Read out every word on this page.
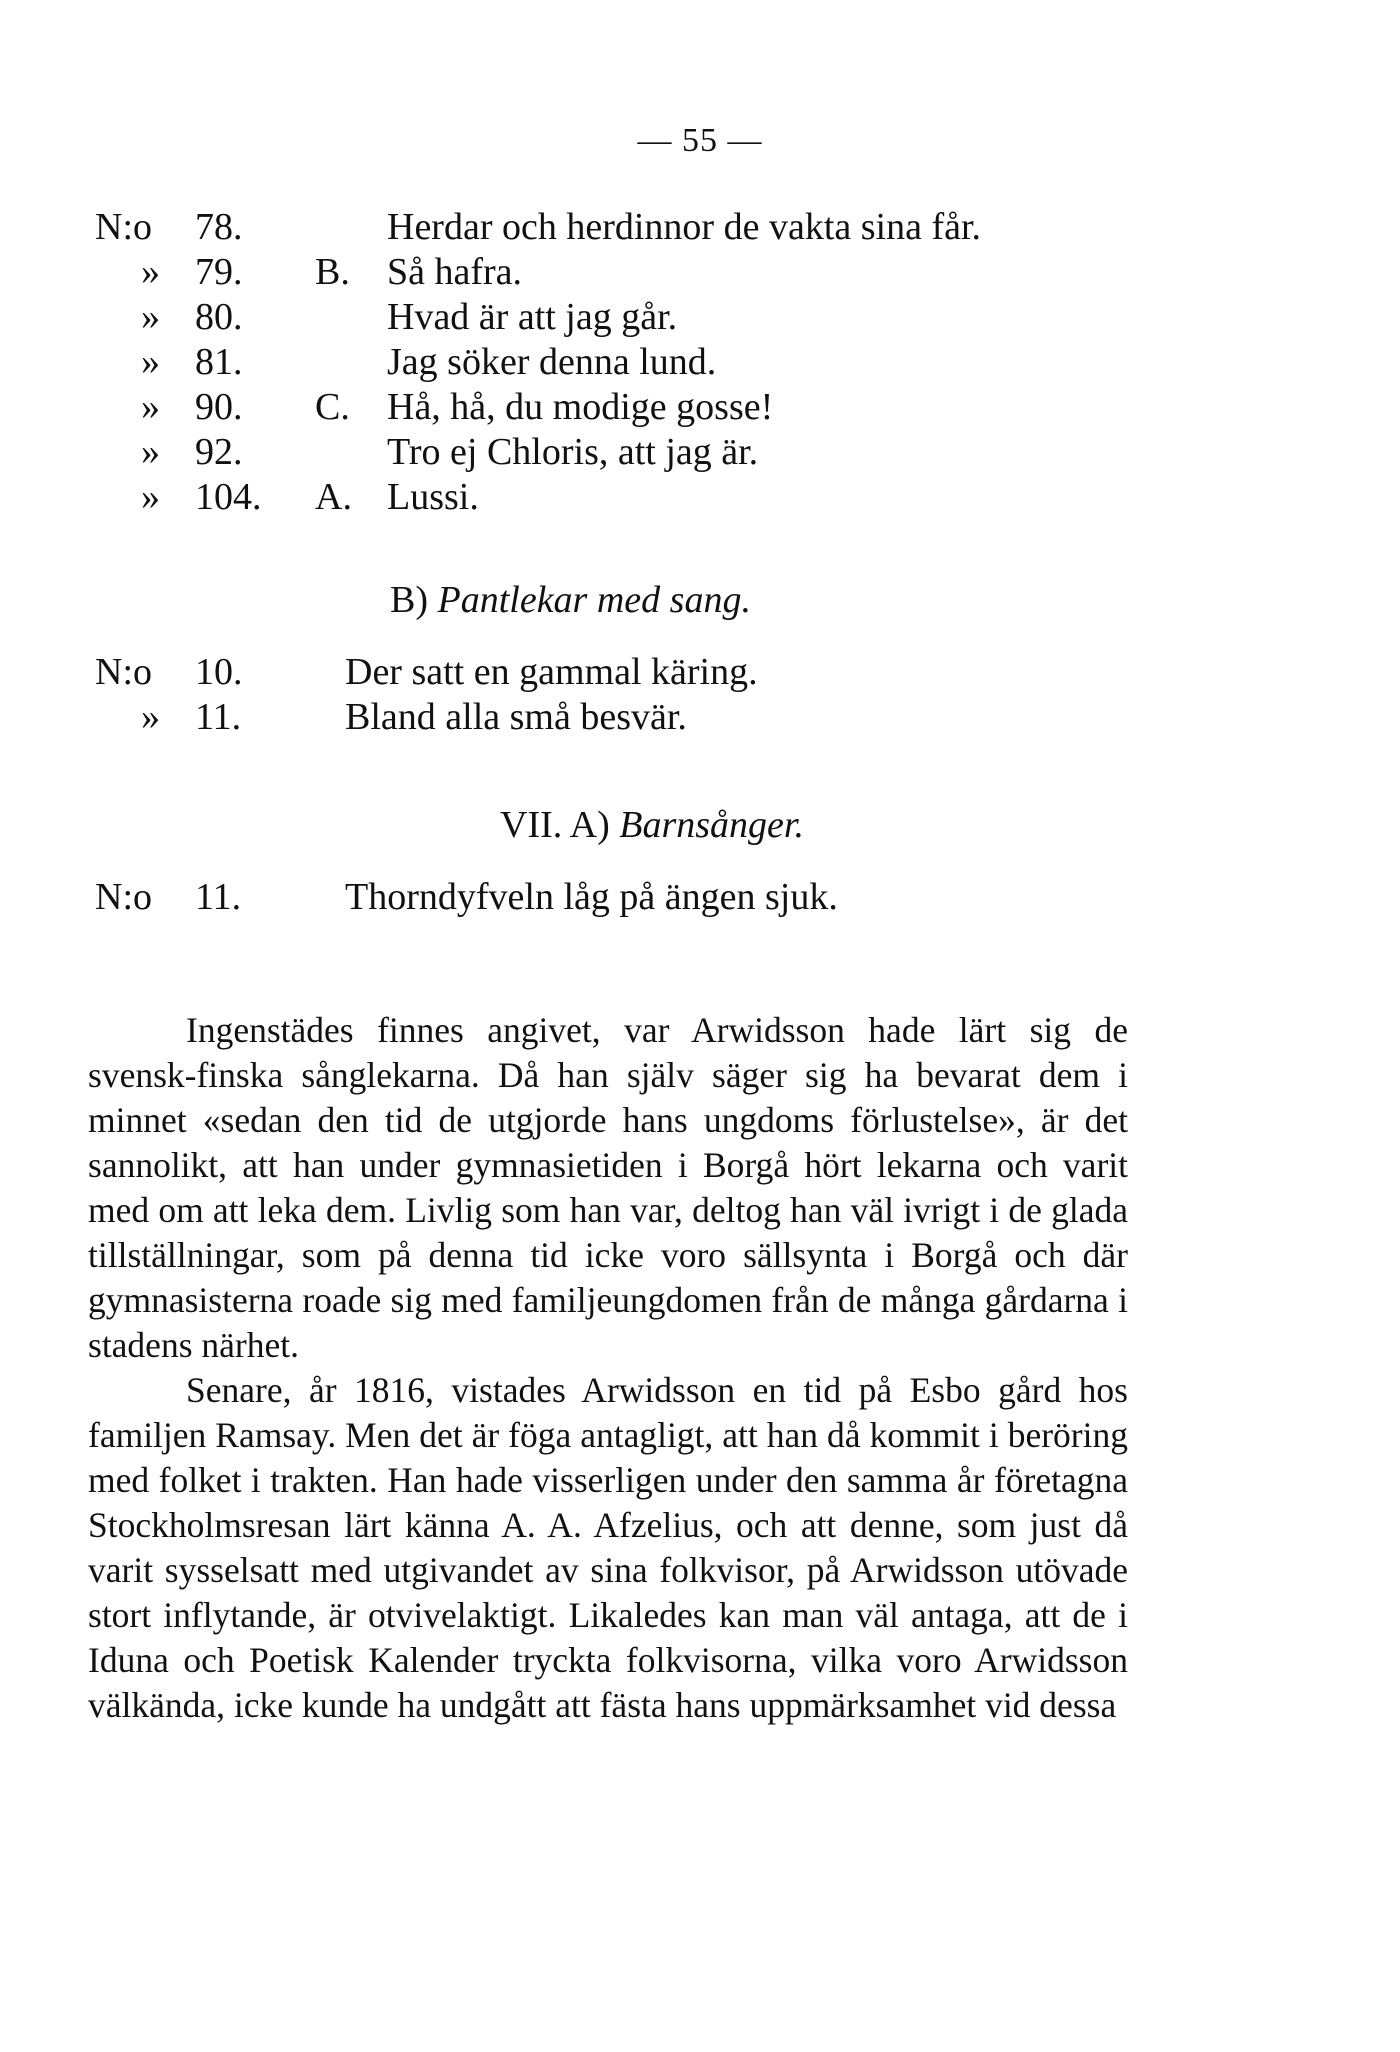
— 55 —
N:o 78.	Herdar och herdinnor de vakta sina får.
» 79. B. Så hafra.
» 80.	Hvad är att jag går.
» 81.	Jag söker denna lund.
» 90. C. Hå, hå, du modige gosse!
» 92.	Tro ej Chloris, att jag är.
» 104. A. Lussi.
B) Pantlekar med sang.
N:o 10.	Der satt en gammal käring.
» 11.	Bland alla små besvär.
VII. A) Barnsånger.
N:o 11.	Thorndyfveln låg på ängen sjuk.

Ingenstädes finnes angivet, var Arwidsson hade lärt sig de svensk-finska sånglekarna. Då han själv säger sig ha bevarat dem i minnet «sedan den tid de utgjorde hans ungdoms förlustelse», är det sannolikt, att han under gymnasietiden i Borgå hört lekarna och varit med om att leka dem. Livlig som han var, deltog han väl ivrigt i de glada tillställningar, som på denna tid icke voro sällsynta i Borgå och där gymnasisterna roade sig med familjeungdomen från de många gårdarna i stadens närhet.

Senare, år 1816, vistades Arwidsson en tid på Esbo gård hos familjen Ramsay. Men det är föga antagligt, att han då kommit i beröring med folket i trakten. Han hade visserligen under den samma år företagna Stockholmsresan lärt känna A. A. Afzelius, och att denne, som just då varit sysselsatt med utgivandet av sina folkvisor, på Arwidsson utövade stort inflytande, är otvivelaktigt. Likaledes kan man väl antaga, att de i Iduna och Poetisk Kalender tryckta folkvisorna, vilka voro Arwidsson välkända, icke kunde ha undgått att fästa hans uppmärksamhet vid dessa
